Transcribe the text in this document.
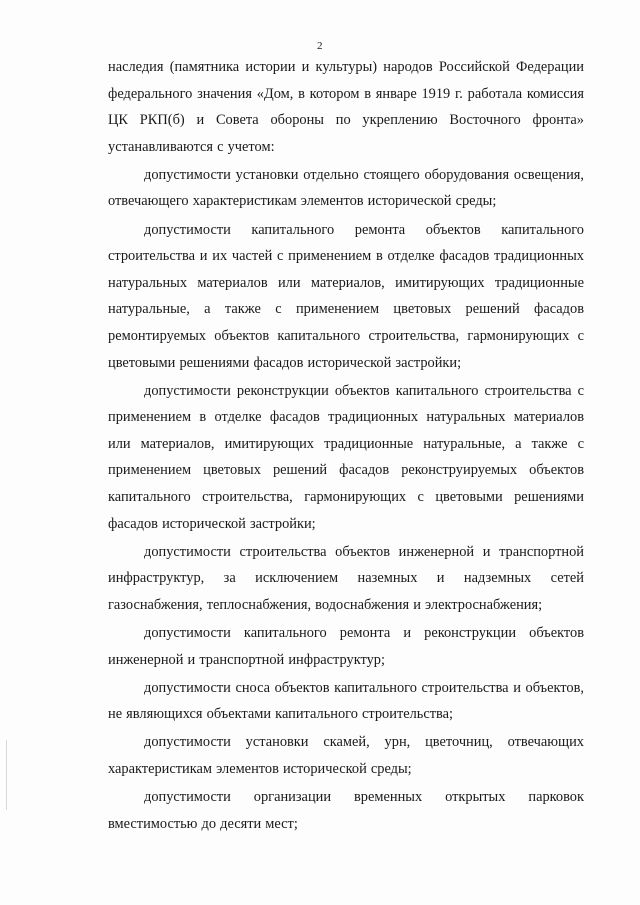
2

наследия (памятника истории и культуры) народов Российской Федерации федерального значения «Дом, в котором в январе 1919 г. работала комиссия ЦК РКП(б) и Совета обороны по укреплению Восточного фронта» устанавливаются с учетом:

допустимости установки отдельно стоящего оборудования освещения, отвечающего характеристикам элементов исторической среды;

допустимости капитального ремонта объектов капитального строительства и их частей с применением в отделке фасадов традиционных натуральных материалов или материалов, имитирующих традиционные натуральные, а также с применением цветовых решений фасадов ремонтируемых объектов капитального строительства, гармонирующих с цветовыми решениями фасадов исторической застройки;

допустимости реконструкции объектов капитального строительства с применением в отделке фасадов традиционных натуральных материалов или материалов, имитирующих традиционные натуральные, а также с применением цветовых решений фасадов реконструируемых объектов капитального строительства, гармонирующих с цветовыми решениями фасадов исторической застройки;

допустимости строительства объектов инженерной и транспортной инфраструктур, за исключением наземных и надземных сетей газоснабжения, теплоснабжения, водоснабжения и электроснабжения;

допустимости капитального ремонта и реконструкции объектов инженерной и транспортной инфраструктур;

допустимости сноса объектов капитального строительства и объектов, не являющихся объектами капитального строительства;

допустимости установки скамей, урн, цветочниц, отвечающих характеристикам элементов исторической среды;

допустимости организации временных открытых парковок вместимостью до десяти мест;
